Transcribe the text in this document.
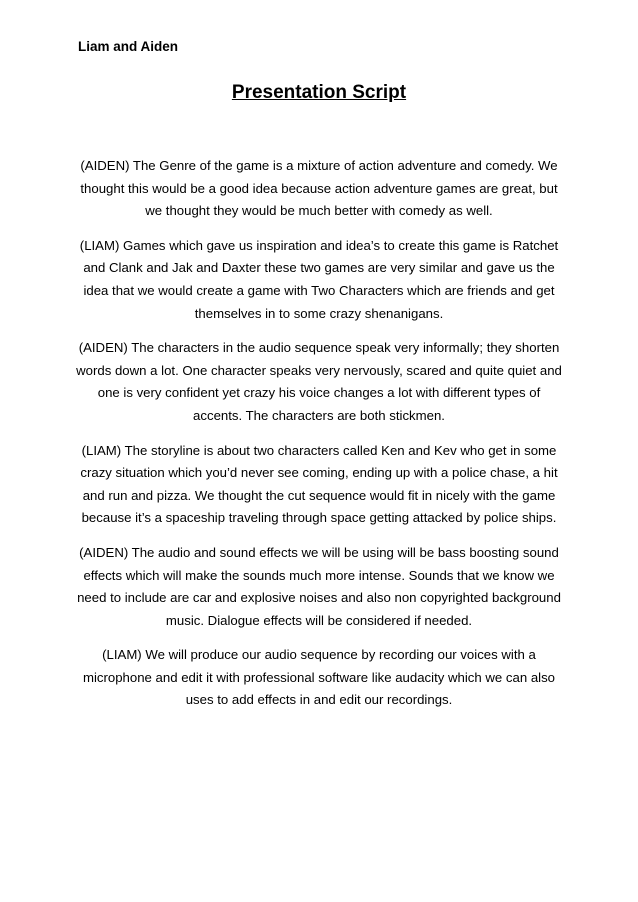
Liam and Aiden

Presentation Script

(AIDEN) The Genre of the game is a mixture of action adventure and comedy. We thought this would be a good idea because action adventure games are great, but we thought they would be much better with comedy as well.

(LIAM) Games which gave us inspiration and idea’s to create this game is Ratchet and Clank and Jak and Daxter these two games are very similar and gave us the idea that we would create a game with Two Characters which are friends and get themselves in to some crazy shenanigans.

(AIDEN) The characters in the audio sequence speak very informally; they shorten words down a lot. One character speaks very nervously, scared and quite quiet and one is very confident yet crazy his voice changes a lot with different types of accents. The characters are both stickmen.

(LIAM) The storyline is about two characters called Ken and Kev who get in some crazy situation which you’d never see coming, ending up with a police chase, a hit and run and pizza. We thought the cut sequence would fit in nicely with the game because it’s a spaceship traveling through space getting attacked by police ships.

(AIDEN) The audio and sound effects we will be using will be bass boosting sound effects which will make the sounds much more intense. Sounds that we know we need to include are car and explosive noises and also non copyrighted background music. Dialogue effects will be considered if needed.

(LIAM) We will produce our audio sequence by recording our voices with a microphone and edit it with professional software like audacity which we can also uses to add effects in and edit our recordings.
